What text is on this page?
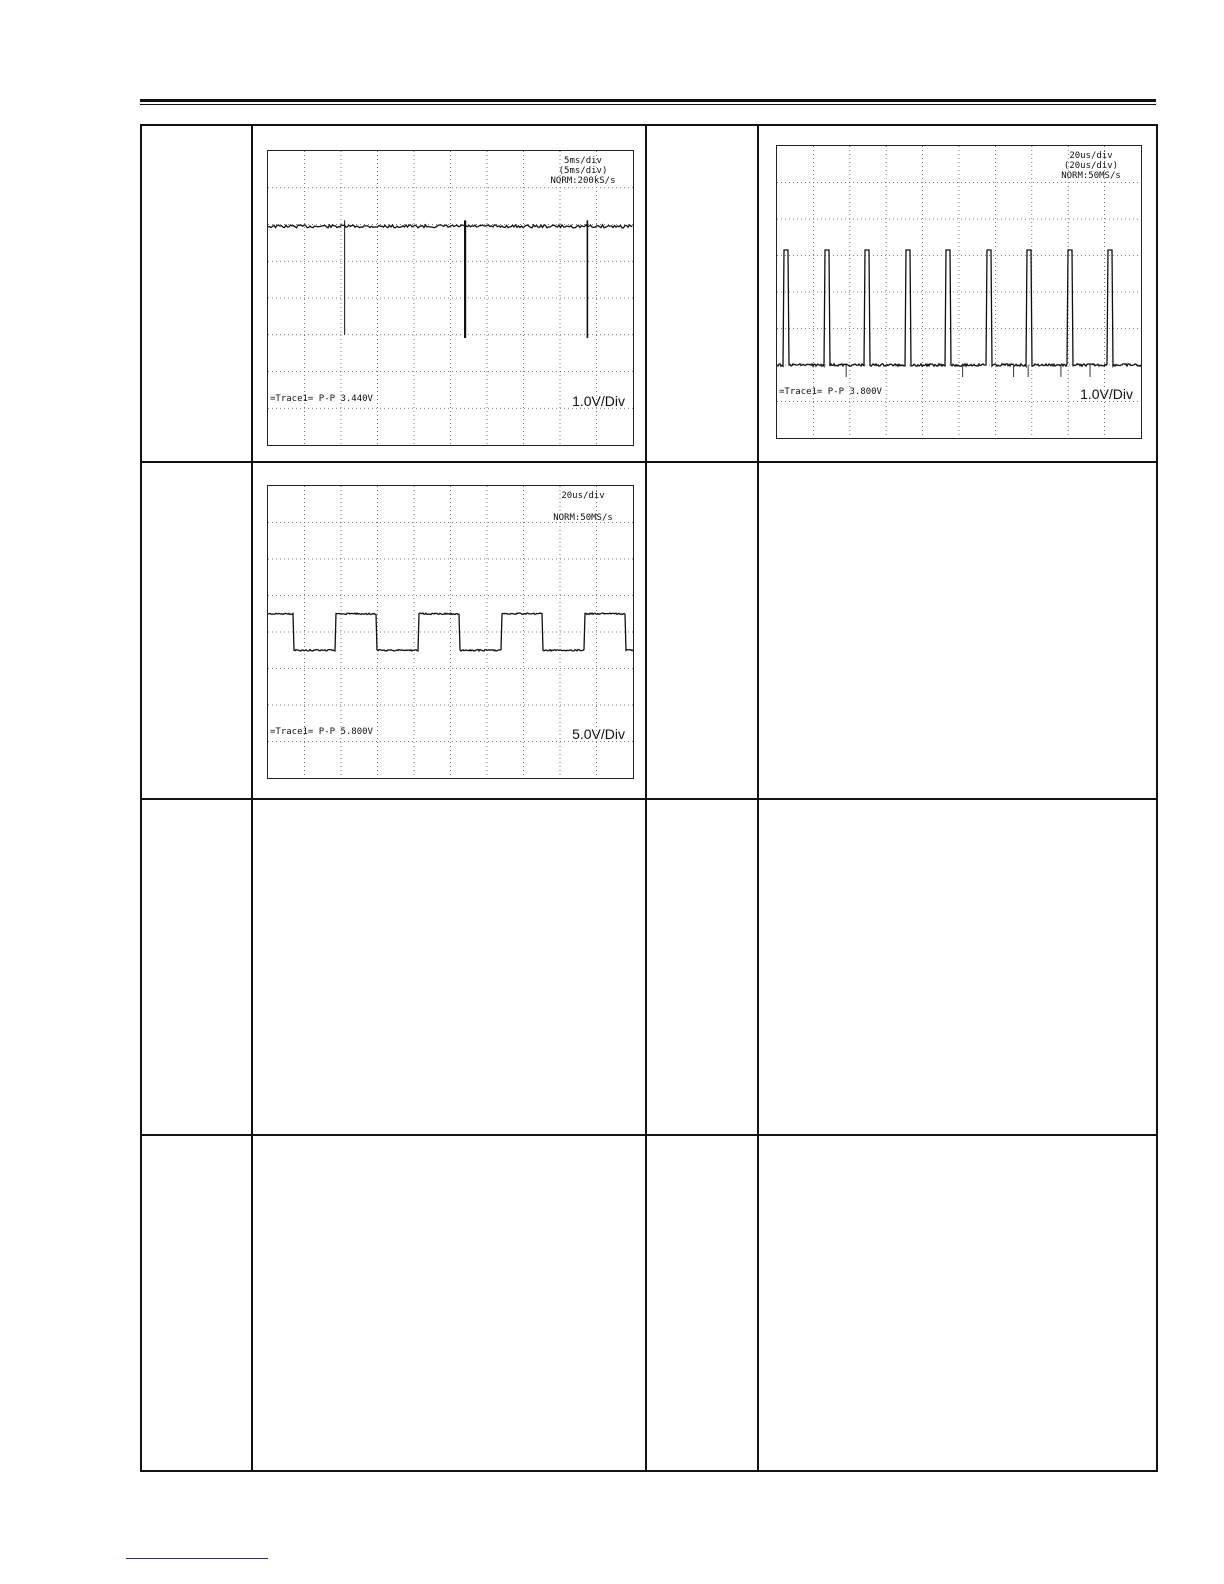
5ms/div
(5ms/div)
NORM:200kS/s
=Trace1= P-P 3.440V 1.0V/Div		20us/div
(20us/div)
NORM:50MS/s
=Trace1= P-P 3.800V 1.0V/Div

20us/div
NORM:50MS/s
=Trace1= P-P 5.800V 5.0V/Div		
